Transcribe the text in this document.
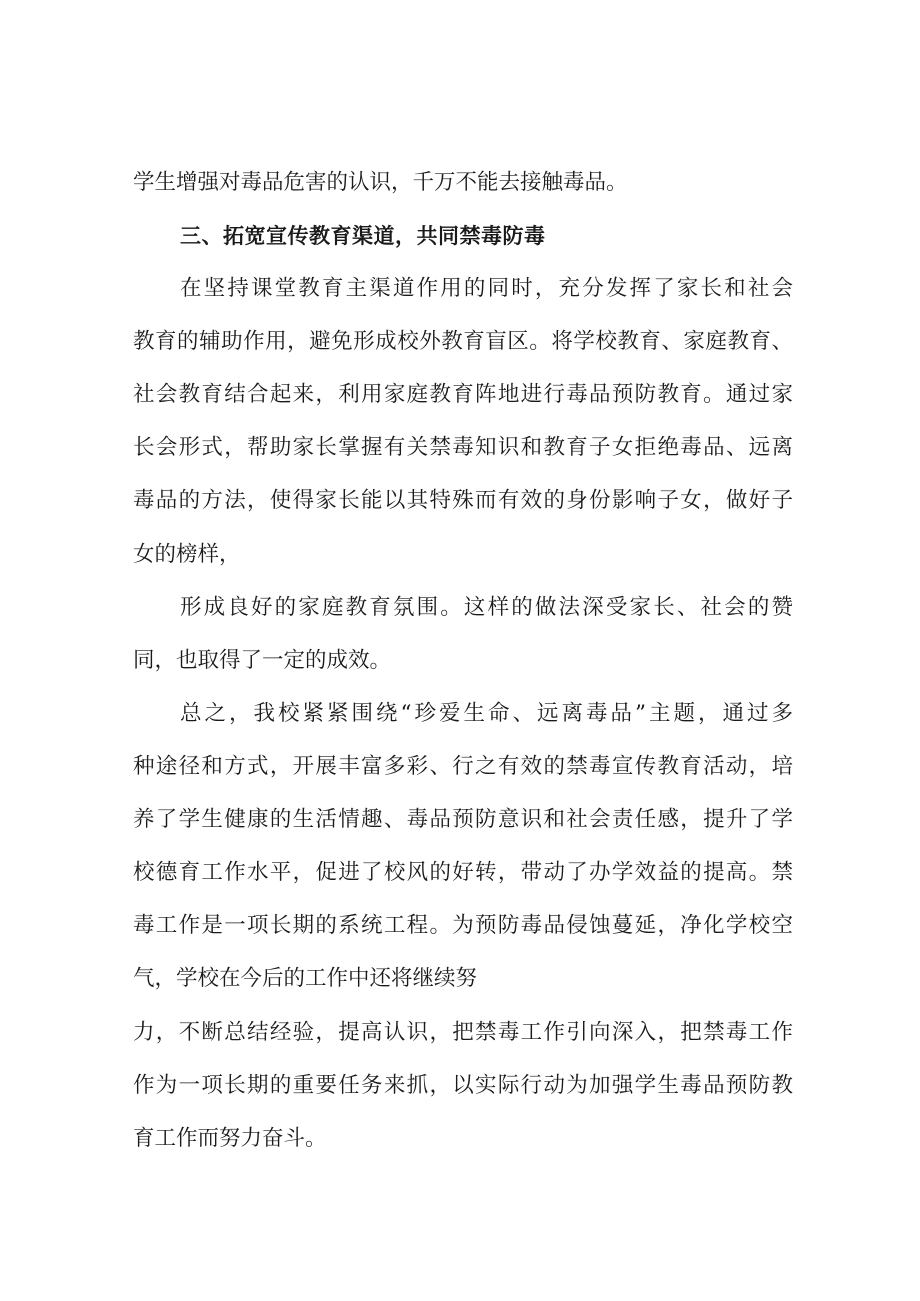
学生增强对毒品危害的认识，千万不能去接触毒品。
三、拓宽宣传教育渠道，共同禁毒防毒
在坚持课堂教育主渠道作用的同时，充分发挥了家长和社会
教育的辅助作用，避免形成校外教育盲区。将学校教育、家庭教育、
社会教育结合起来，利用家庭教育阵地进行毒品预防教育。通过家
长会形式，帮助家长掌握有关禁毒知识和教育子女拒绝毒品、远离
毒品的方法，使得家长能以其特殊而有效的身份影响子女，做好子
女的榜样，
形成良好的家庭教育氛围。这样的做法深受家长、社会的赞
同，也取得了一定的成效。
总之，我校紧紧围绕“珍爱生命、远离毒品”主题，通过多
种途径和方式，开展丰富多彩、行之有效的禁毒宣传教育活动，培
养了学生健康的生活情趣、毒品预防意识和社会责任感，提升了学
校德育工作水平，促进了校风的好转，带动了办学效益的提高。禁
毒工作是一项长期的系统工程。为预防毒品侵蚀蔓延，净化学校空
气，学校在今后的工作中还将继续努
力，不断总结经验，提高认识，把禁毒工作引向深入，把禁毒工作
作为一项长期的重要任务来抓，以实际行动为加强学生毒品预防教
育工作而努力奋斗。
